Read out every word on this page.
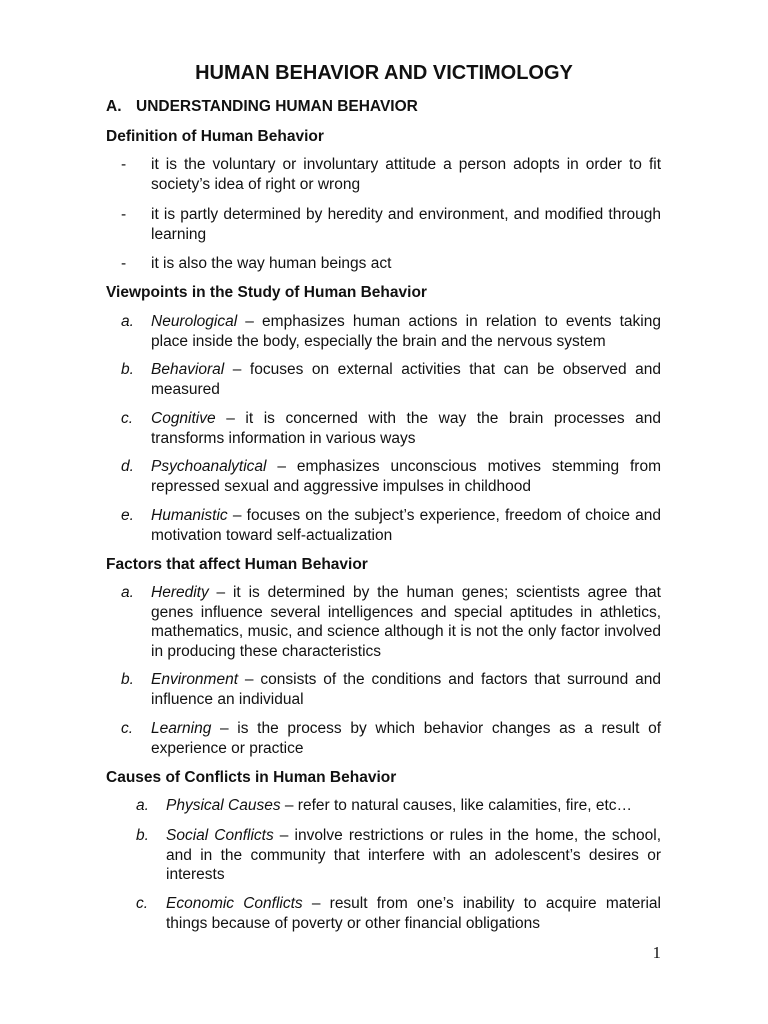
HUMAN BEHAVIOR AND VICTIMOLOGY
A. UNDERSTANDING HUMAN BEHAVIOR
Definition of Human Behavior
- it is the voluntary or involuntary attitude a person adopts in order to fit society’s idea of right or wrong
- it is partly determined by heredity and environment, and modified through learning
- it is also the way human beings act
Viewpoints in the Study of Human Behavior
a. Neurological – emphasizes human actions in relation to events taking place inside the body, especially the brain and the nervous system
b. Behavioral – focuses on external activities that can be observed and measured
c. Cognitive – it is concerned with the way the brain processes and transforms information in various ways
d. Psychoanalytical – emphasizes unconscious motives stemming from repressed sexual and aggressive impulses in childhood
e. Humanistic – focuses on the subject’s experience, freedom of choice and motivation toward self-actualization
Factors that affect Human Behavior
a. Heredity – it is determined by the human genes; scientists agree that genes influence several intelligences and special aptitudes in athletics, mathematics, music, and science although it is not the only factor involved in producing these characteristics
b. Environment – consists of the conditions and factors that surround and influence an individual
c. Learning – is the process by which behavior changes as a result of experience or practice
Causes of Conflicts in Human Behavior
a. Physical Causes – refer to natural causes, like calamities, fire, etc…
b. Social Conflicts – involve restrictions or rules in the home, the school, and in the community that interfere with an adolescent’s desires or interests
c. Economic Conflicts – result from one’s inability to acquire material things because of poverty or other financial obligations
1
